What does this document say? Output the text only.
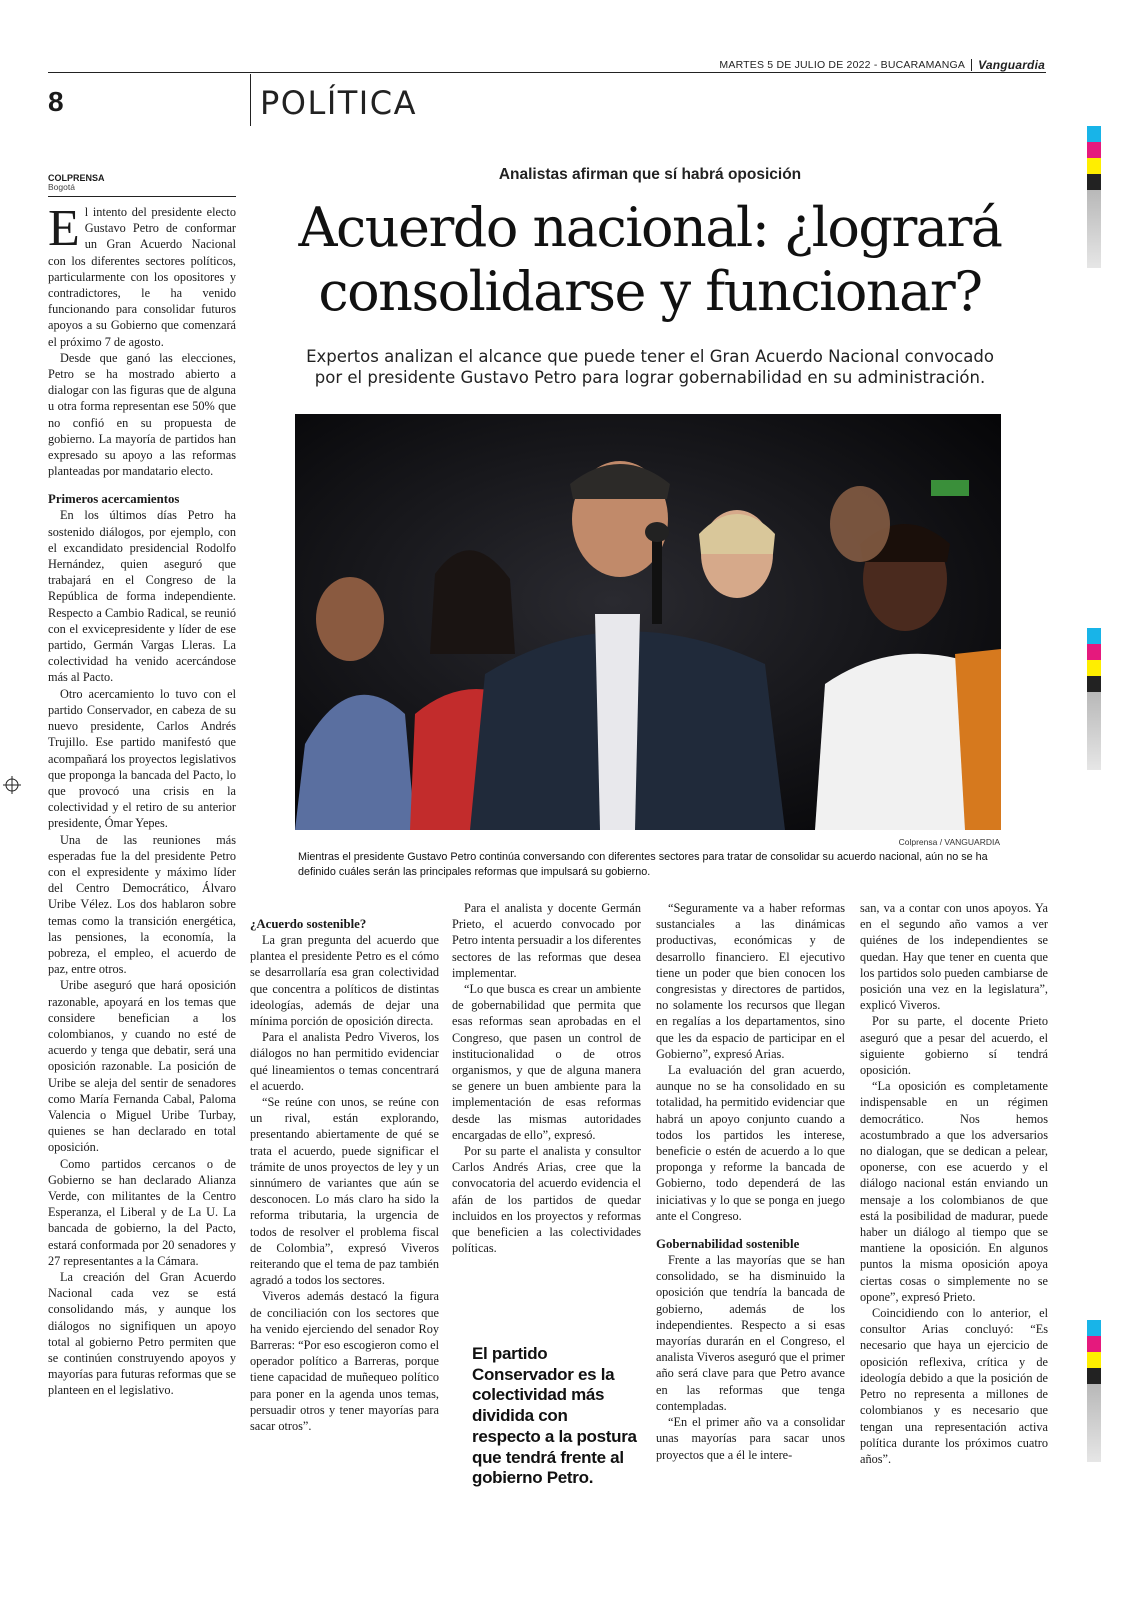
MARTES 5 DE JULIO DE 2022 - BUCARAMANGA Vanguardia
8	POLÍTICA
COLPRENSA
Bogotá

El intento del presidente electo Gustavo Petro de conformar un Gran Acuerdo Nacional con los diferentes sectores políticos, particularmente con los opositores y contradictores, le ha venido funcionando para consolidar futuros apoyos a su Gobierno que comenzará el próximo 7 de agosto.

Desde que ganó las elecciones, Petro se ha mostrado abierto a dialogar con las figuras que de alguna u otra forma representan ese 50% que no confió en su propuesta de gobierno. La mayoría de partidos han expresado su apoyo a las reformas planteadas por mandatario electo.

Primeros acercamientos

En los últimos días Petro ha sostenido diálogos, por ejemplo, con el excandidato presidencial Rodolfo Hernández, quien aseguró que trabajará en el Congreso de la República de forma independiente. Respecto a Cambio Radical, se reunió con el exvicepresidente y líder de ese partido, Germán Vargas Lleras. La colectividad ha venido acercándose más al Pacto.

Otro acercamiento lo tuvo con el partido Conservador, en cabeza de su nuevo presidente, Carlos Andrés Trujillo. Ese partido manifestó que acompañará los proyectos legislativos que proponga la bancada del Pacto, lo que provocó una crisis en la colectividad y el retiro de su anterior presidente, Ómar Yepes.

Una de las reuniones más esperadas fue la del presidente Petro con el expresidente y máximo líder del Centro Democrático, Álvaro Uribe Vélez. Los dos hablaron sobre temas como la transición energética, las pensiones, la economía, la pobreza, el empleo, el acuerdo de paz, entre otros.

Uribe aseguró que hará oposición razonable, apoyará en los temas que considere benefician a los colombianos, y cuando no esté de acuerdo y tenga que debatir, será una oposición razonable. La posición de Uribe se aleja del sentir de senadores como María Fernanda Cabal, Paloma Valencia o Miguel Uribe Turbay, quienes se han declarado en total oposición.

Como partidos cercanos o de Gobierno se han declarado Alianza Verde, con militantes de la Centro Esperanza, el Liberal y de La U. La bancada de gobierno, la del Pacto, estará conformada por 20 senadores y 27 representantes a la Cámara.

La creación del Gran Acuerdo Nacional cada vez se está consolidando más, y aunque los diálogos no signifiquen un apoyo total al gobierno Petro permiten que se continúen construyendo apoyos y mayorías para futuras reformas que se planteen en el legislativo.

Analistas afirman que sí habrá oposición
Acuerdo nacional: ¿logrará consolidarse y funcionar?
Expertos analizan el alcance que puede tener el Gran Acuerdo Nacional convocado por el presidente Gustavo Petro para lograr gobernabilidad en su administración.
Colprensa / VANGUARDIA
Mientras el presidente Gustavo Petro continúa conversando con diferentes sectores para tratar de consolidar su acuerdo nacional, aún no se ha definido cuáles serán las principales reformas que impulsará su gobierno.
¿Acuerdo sostenible?

La gran pregunta del acuerdo que plantea el presidente Petro es el cómo se desarrollaría esa gran colectividad que concentra a políticos de distintas ideologías, además de dejar una mínima porción de oposición directa.

Para el analista Pedro Viveros, los diálogos no han permitido evidenciar qué lineamientos o temas concentrará el acuerdo.

“Se reúne con unos, se reúne con un rival, están explorando, presentando abiertamente de qué se trata el acuerdo, puede significar el trámite de unos proyectos de ley y un sinnúmero de variantes que aún se desconocen. Lo más claro ha sido la reforma tributaria, la urgencia de todos de resolver el problema fiscal de Colombia”, expresó Viveros reiterando que el tema de paz también agradó a todos los sectores.

Viveros además destacó la figura de conciliación con los sectores que ha venido ejerciendo del senador Roy Barreras: “Por eso escogieron como el operador político a Barreras, porque tiene capacidad de muñequeo político para poner en la agenda unos temas, persuadir otros y tener mayorías para sacar otros”.

Para el analista y docente Germán Prieto, el acuerdo convocado por Petro intenta persuadir a los diferentes sectores de las reformas que desea implementar.

“Lo que busca es crear un ambiente de gobernabilidad que permita que esas reformas sean aprobadas en el Congreso, que pasen un control de institucionalidad o de otros organismos, y que de alguna manera se genere un buen ambiente para la implementación de esas reformas desde las mismas autoridades encargadas de ello”, expresó.

Por su parte el analista y consultor Carlos Andrés Arias, cree que la convocatoria del acuerdo evidencia el afán de los partidos de quedar incluidos en los proyectos y reformas que beneficien a las colectividades políticas.

El partido Conservador es la colectividad más dividida con respecto a la postura que tendrá frente al gobierno Petro.

“Seguramente va a haber reformas sustanciales a las dinámicas productivas, económicas y de desarrollo financiero. El ejecutivo tiene un poder que bien conocen los congresistas y directores de partidos, no solamente los recursos que llegan en regalías a los departamentos, sino que les da espacio de participar en el Gobierno”, expresó Arias.

La evaluación del gran acuerdo, aunque no se ha consolidado en su totalidad, ha permitido evidenciar que habrá un apoyo conjunto cuando a todos los partidos les interese, beneficie o estén de acuerdo a lo que proponga y reforme la bancada de Gobierno, todo dependerá de las iniciativas y lo que se ponga en juego ante el Congreso.

Gobernabilidad sostenible

Frente a las mayorías que se han consolidado, se ha disminuido la oposición que tendría la bancada de gobierno, además de los independientes. Respecto a si esas mayorías durarán en el Congreso, el analista Viveros aseguró que el primer año será clave para que Petro avance en las reformas que tenga contempladas.

“En el primer año va a consolidar unas mayorías para sacar unos proyectos que a él le intere-

san, va a contar con unos apoyos. Ya en el segundo año vamos a ver quiénes de los independientes se quedan. Hay que tener en cuenta que los partidos solo pueden cambiarse de posición una vez en la legislatura”, explicó Viveros.

Por su parte, el docente Prieto aseguró que a pesar del acuerdo, el siguiente gobierno sí tendrá oposición.

“La oposición es completamente indispensable en un régimen democrático. Nos hemos acostumbrado a que los adversarios no dialogan, que se dedican a pelear, oponerse, con ese acuerdo y el diálogo nacional están enviando un mensaje a los colombianos de que está la posibilidad de madurar, puede haber un diálogo al tiempo que se mantiene la oposición. En algunos puntos la misma oposición apoya ciertas cosas o simplemente no se opone”, expresó Prieto.

Coincidiendo con lo anterior, el consultor Arias concluyó: “Es necesario que haya un ejercicio de oposición reflexiva, crítica y de ideología debido a que la posición de Petro no representa a millones de colombianos y es necesario que tengan una representación activa política durante los próximos cuatro años”.
